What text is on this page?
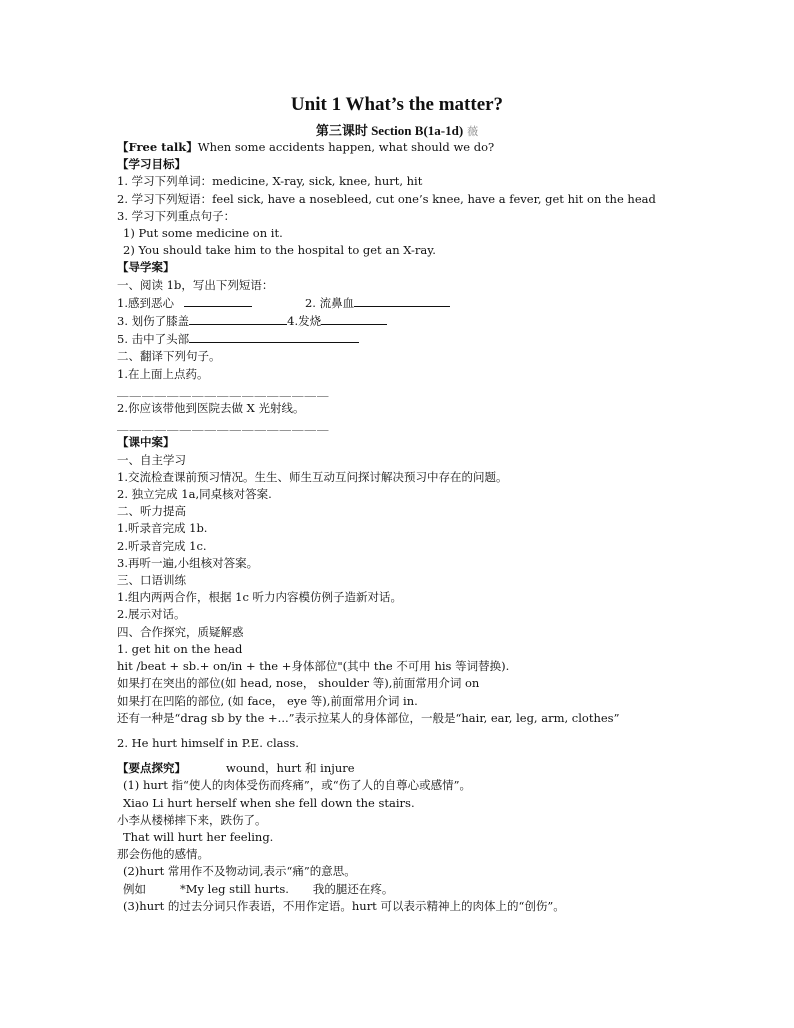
Unit 1 What’s the matter?
第三课时 Section B(1a-1d) 薇

【Free talk】When some accidents happen, what should we do?

【学习目标】

1. 学习下列单词：medicine, X-ray, sick, knee, hurt, hit

2. 学习下列短语：feel sick, have a nosebleed, cut one’s knee, have a fever, get hit on the head

3. 学习下列重点句子：

1) Put some medicine on it.

2) You should take him to the hospital to get an X-ray.

【导学案】

一、阅读 1b，写出下列短语：

1.感到恶心	2. 流鼻血

3. 划伤了膝盖	4.发烧

5. 击中了头部

二、翻译下列句子。

1.在上面上点药。

＿＿＿＿＿＿＿＿＿＿＿＿＿＿＿＿＿

2.你应该带他到医院去做 X 光射线。

＿＿＿＿＿＿＿＿＿＿＿＿＿＿＿＿＿

【课中案】

一、自主学习

1.交流检查课前预习情况。生生、师生互动互问探讨解决预习中存在的问题。

2. 独立完成 1a,同桌核对答案.

二、听力提高

1.听录音完成 1b.

2.听录音完成 1c.

3.再听一遍,小组核对答案。

三、口语训练

1.组内两两合作，根据 1c 听力内容模仿例子造新对话。

2.展示对话。

四、合作探究，质疑解惑

1. get hit on the head

hit /beat + sb.+ on/in + the +身体部位"(其中 the 不可用 his 等词替换).

如果打在突出的部位(如 head, nose， shoulder 等),前面常用介词 on

如果打在凹陷的部位, (如 face， eye 等),前面常用介词 in.

还有一种是“drag sb by the +...”表示拉某人的身体部位，一般是“hair, ear, leg, arm, clothes”

2. He hurt himself in P.E. class.

【要点探究】	wound，hurt 和 injure

(1) hurt 指“使人的肉体受伤而疼痛”，或“伤了人的自尊心或感情”。

Xiao Li hurt herself when she fell down the stairs.

小李从楼梯摔下来，跌伤了。

That will hurt her feeling.

那会伤他的感情。

(2)hurt 常用作不及物动词,表示“痛”的意思。

例如	*My leg still hurts. 我的腿还在疼。

(3)hurt 的过去分词只作表语，不用作定语。hurt 可以表示精神上的肉体上的“创伤”。
